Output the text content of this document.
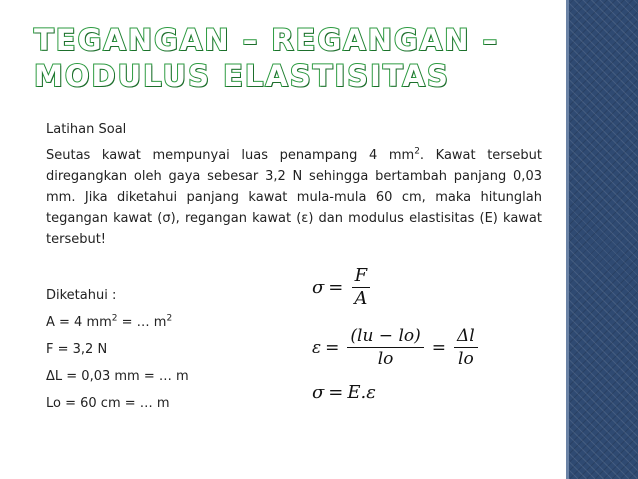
TEGANGAN – REGANGAN –
MODULUS ELASTISITAS
Latihan Soal

Seutas kawat mempunyai luas penampang 4 $mm^2$. Kawat tersebut diregangkan oleh gaya sebesar 3,2 N sehingga bertambah panjang 0,03 mm. Jika diketahui panjang kawat mula-mula 60 cm, maka hitunglah tegangan kawat (σ), regangan kawat (ε) dan modulus elastisitas (E) kawat tersebut!

Diketahui :
A = 4 $mm^2$ = … $m^2$
F = 3,2 N
ΔL = 0,03 mm = … m
Lo = 60 cm = … m
$\sigma = \frac{F}{A}$
$\varepsilon = \frac{(lu - lo)}{lo} = \frac{\Delta l}{lo}$
σ = E.ε
